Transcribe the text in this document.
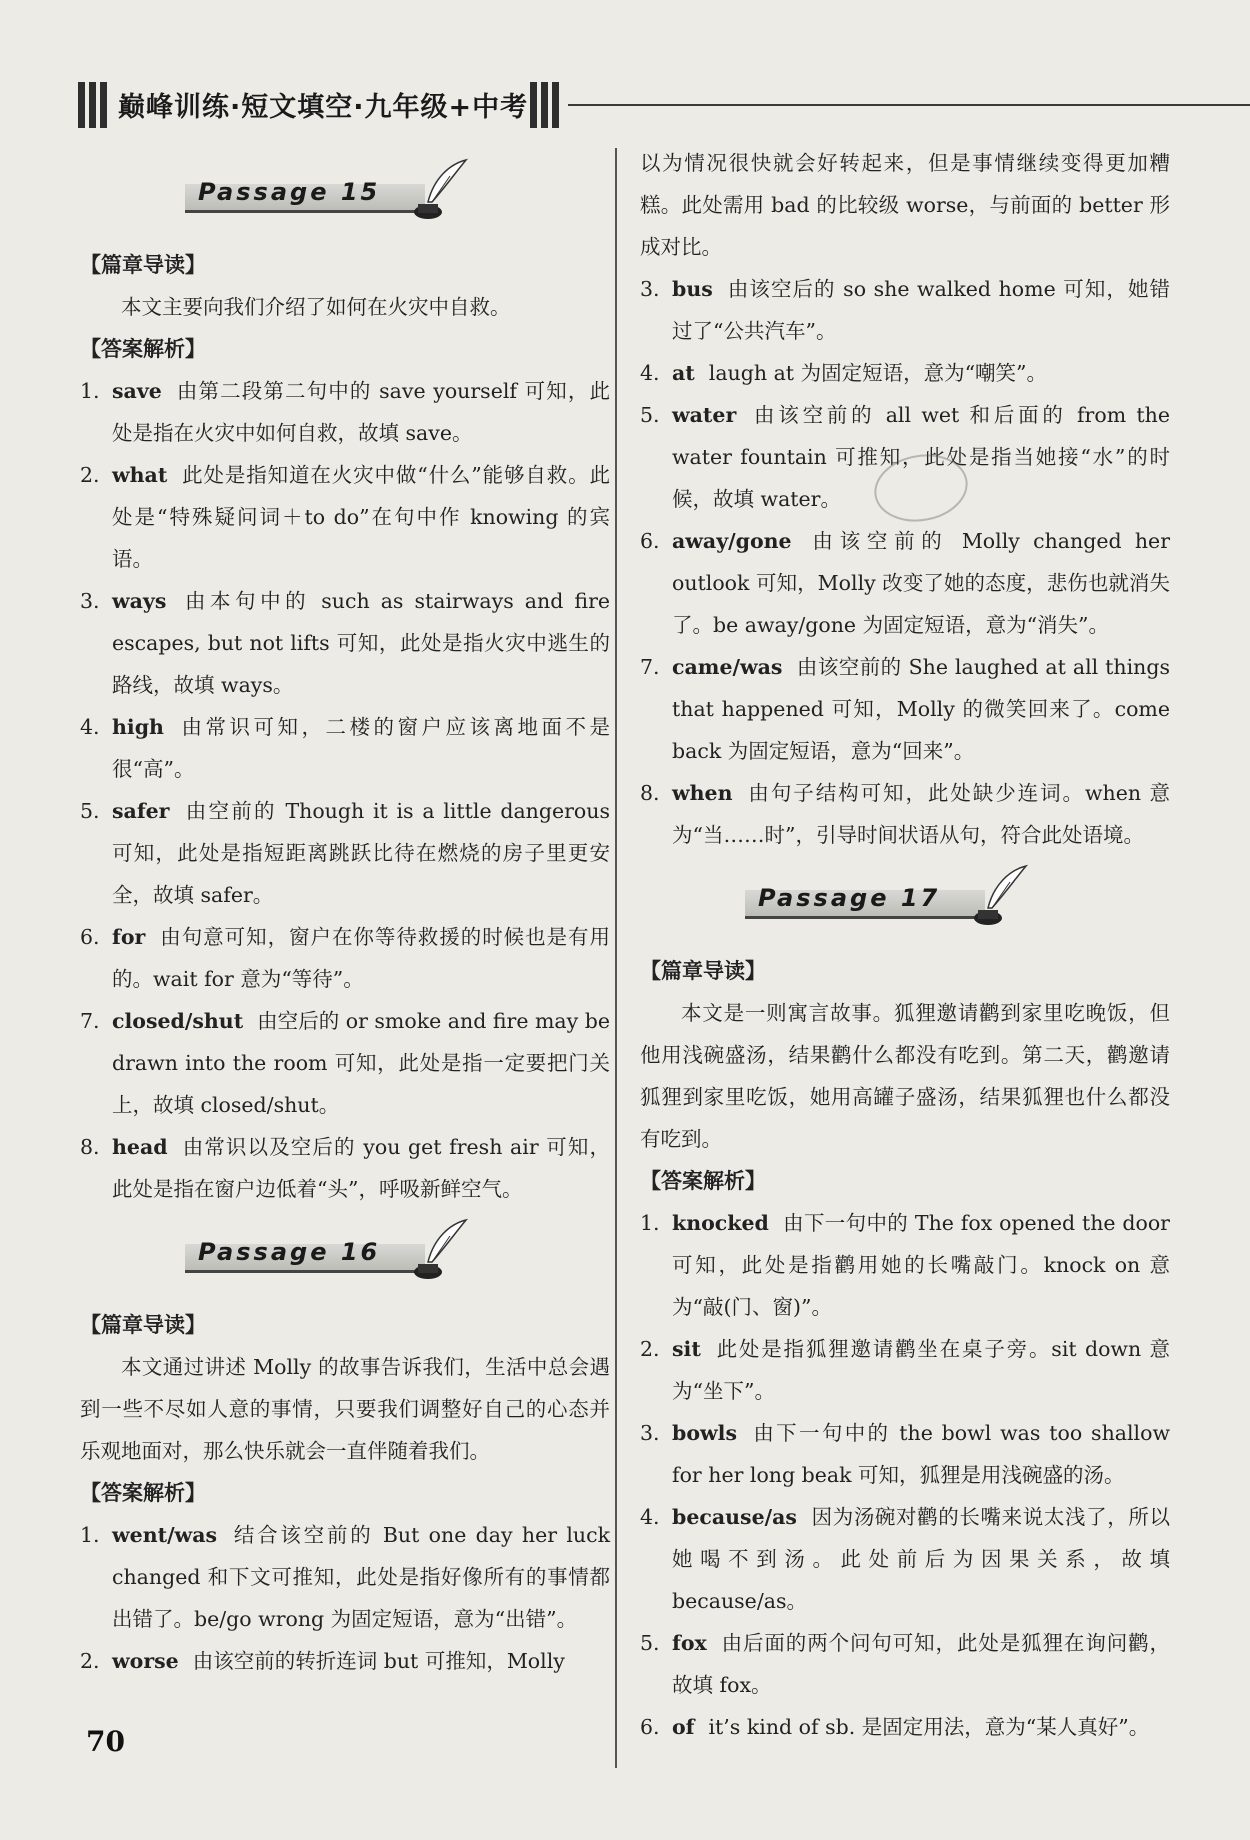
巅峰训练·短文填空·九年级+中考
Passage 15

【篇章导读】

本文主要向我们介绍了如何在火灾中自救。

【答案解析】

1. save 由第二段第二句中的 save yourself 可知，此处是指在火灾中如何自救，故填 save。
2. what 此处是指知道在火灾中做“什么”能够自救。此处是“特殊疑问词＋to do”在句中作 knowing 的宾语。
3. ways 由本句中的 such as stairways and fire escapes, but not lifts 可知，此处是指火灾中逃生的路线，故填 ways。
4. high 由常识可知，二楼的窗户应该离地面不是很“高”。
5. safer 由空前的 Though it is a little dangerous 可知，此处是指短距离跳跃比待在燃烧的房子里更安全，故填 safer。
6. for 由句意可知，窗户在你等待救援的时候也是有用的。wait for 意为“等待”。
7. closed/shut 由空后的 or smoke and fire may be drawn into the room 可知，此处是指一定要把门关上，故填 closed/shut。
8. head 由常识以及空后的 you get fresh air 可知，此处是指在窗户边低着“头”，呼吸新鲜空气。
Passage 16

【篇章导读】

本文通过讲述 Molly 的故事告诉我们，生活中总会遇到一些不尽如人意的事情，只要我们调整好自己的心态并乐观地面对，那么快乐就会一直伴随着我们。

【答案解析】

1. went/was 结合该空前的 But one day her luck changed 和下文可推知，此处是指好像所有的事情都出错了。be/go wrong 为固定短语，意为“出错”。
2. worse 由该空前的转折连词 but 可推知，Molly

以为情况很快就会好转起来，但是事情继续变得更加糟糕。此处需用 bad 的比较级 worse，与前面的 better 形成对比。

3. bus 由该空后的 so she walked home 可知，她错过了“公共汽车”。
4. at laugh at 为固定短语，意为“嘲笑”。
5. water 由该空前的 all wet 和后面的 from the water fountain 可推知，此处是指当她接“水”的时候，故填 water。
6. away/gone 由该空前的 Molly changed her outlook 可知，Molly 改变了她的态度，悲伤也就消失了。be away/gone 为固定短语，意为“消失”。
7. came/was 由该空前的 She laughed at all things that happened 可知，Molly 的微笑回来了。come back 为固定短语，意为“回来”。
8. when 由句子结构可知，此处缺少连词。when 意为“当……时”，引导时间状语从句，符合此处语境。
Passage 17

【篇章导读】

本文是一则寓言故事。狐狸邀请鹳到家里吃晚饭，但他用浅碗盛汤，结果鹳什么都没有吃到。第二天，鹳邀请狐狸到家里吃饭，她用高罐子盛汤，结果狐狸也什么都没有吃到。

【答案解析】

1. knocked 由下一句中的 The fox opened the door 可知，此处是指鹳用她的长嘴敲门。knock on 意为“敲(门、窗)”。
2. sit 此处是指狐狸邀请鹳坐在桌子旁。sit down 意为“坐下”。
3. bowls 由下一句中的 the bowl was too shallow for her long beak 可知，狐狸是用浅碗盛的汤。
4. because/as 因为汤碗对鹳的长嘴来说太浅了，所以她喝不到汤。此处前后为因果关系，故填 because/as。
5. fox 由后面的两个问句可知，此处是狐狸在询问鹳，故填 fox。
6. of it’s kind of sb. 是固定用法，意为“某人真好”。
70
